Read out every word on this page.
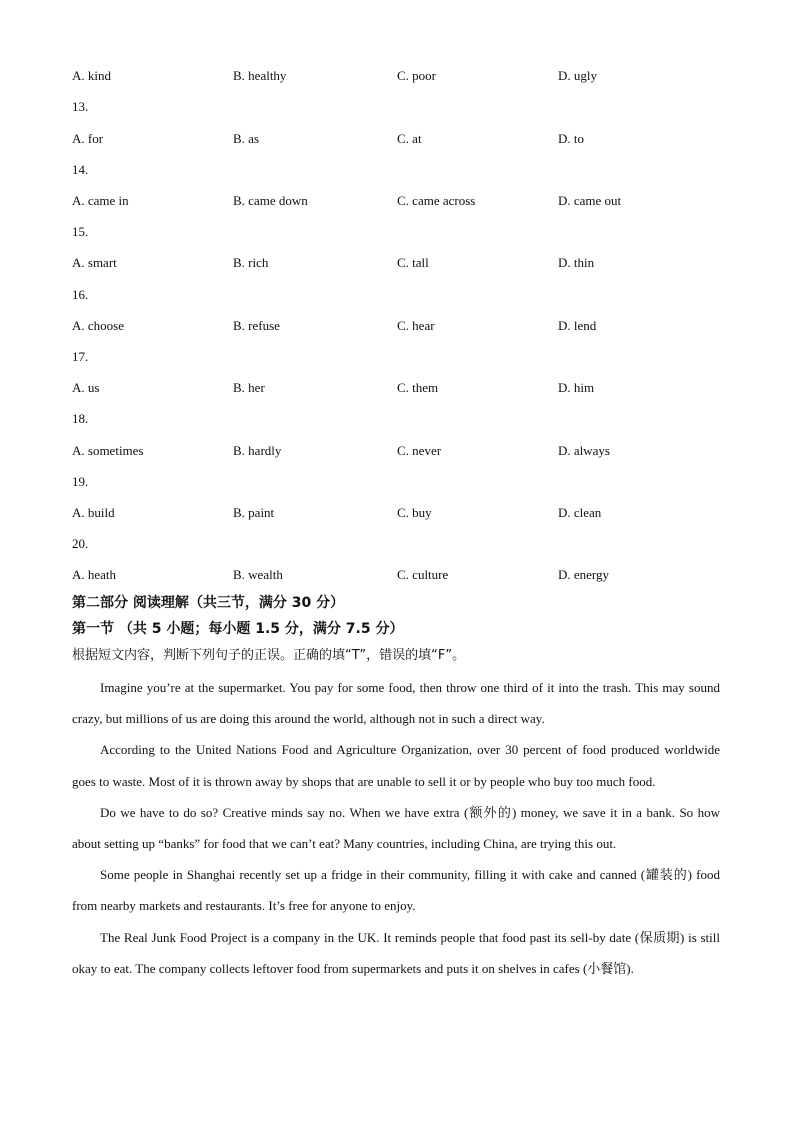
A. kind	B. healthy	C. poor	D. ugly
13.
A. for	B. as	C. at	D. to
14.
A. came in	B. came down	C. came across	D. came out
15.
A. smart	B. rich	C. tall	D. thin
16.
A. choose	B. refuse	C. hear	D. lend
17.
A. us	B. her	C. them	D. him
18.
A. sometimes	B. hardly	C. never	D. always
19.
A. build	B. paint	C. buy	D. clean
20.
A. heath	B. wealth	C. culture	D. energy
第二部分 阅读理解（共三节，满分 30 分）
第一节 （共 5 小题；每小题 1.5 分，满分 7.5 分）
根据短文内容，判断下列句子的正误。正确的填“T”，错误的填“F”。

Imagine you’re at the supermarket. You pay for some food, then throw one third of it into the trash. This may sound crazy, but millions of us are doing this around the world, although not in such a direct way.

According to the United Nations Food and Agriculture Organization, over 30 percent of food produced worldwide goes to waste. Most of it is thrown away by shops that are unable to sell it or by people who buy too much food.

Do we have to do so? Creative minds say no. When we have extra (额外的) money, we save it in a bank. So how about setting up “banks” for food that we can’t eat? Many countries, including China, are trying this out.

Some people in Shanghai recently set up a fridge in their community, filling it with cake and canned (罐装的) food from nearby markets and restaurants. It’s free for anyone to enjoy.

The Real Junk Food Project is a company in the UK. It reminds people that food past its sell-by date (保质期) is still okay to eat. The company collects leftover food from supermarkets and puts it on shelves in cafes (小餐馆).
